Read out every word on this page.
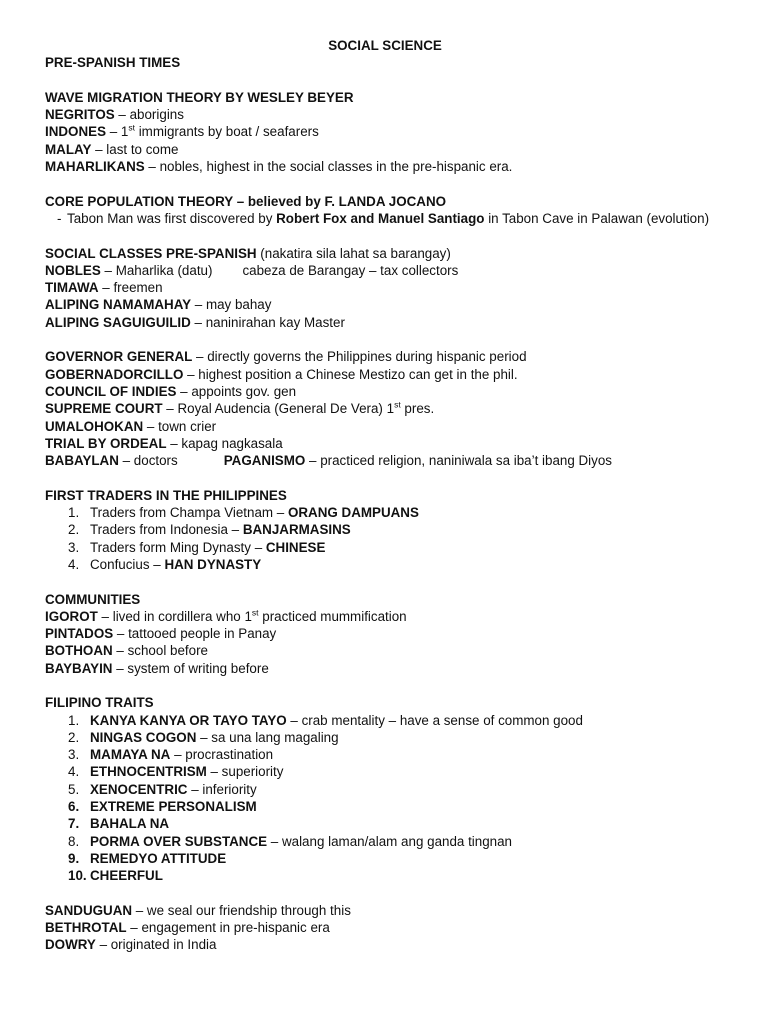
SOCIAL SCIENCE
PRE-SPANISH TIMES
WAVE MIGRATION THEORY BY WESLEY BEYER
NEGRITOS – aborigins
INDONES – 1st immigrants by boat / seafarers
MALAY – last to come
MAHARLIKANS – nobles, highest in the social classes in the pre-hispanic era.
CORE POPULATION THEORY – believed by F. LANDA JOCANO
- Tabon Man was first discovered by Robert Fox and Manuel Santiago in Tabon Cave in Palawan (evolution)
SOCIAL CLASSES PRE-SPANISH (nakatira sila lahat sa barangay)
NOBLES – Maharlika (datu) cabeza de Barangay – tax collectors
TIMAWA – freemen
ALIPING NAMAMAHAY – may bahay
ALIPING SAGUIGUILID – naninirahan kay Master
GOVERNOR GENERAL – directly governs the Philippines during hispanic period
GOBERNADORCILLO – highest position a Chinese Mestizo can get in the phil.
COUNCIL OF INDIES – appoints gov. gen
SUPREME COURT – Royal Audencia (General De Vera) 1st pres.
UMALOHOKAN – town crier
TRIAL BY ORDEAL – kapag nagkasala
BABAYLAN – doctors	PAGANISMO – practiced religion, naniniwala sa iba’t ibang Diyos
FIRST TRADERS IN THE PHILIPPINES
1. Traders from Champa Vietnam – ORANG DAMPUANS
2. Traders from Indonesia – BANJARMASINS
3. Traders form Ming Dynasty – CHINESE
4. Confucius – HAN DYNASTY
COMMUNITIES
IGOROT – lived in cordillera who 1st practiced mummification
PINTADOS – tattooed people in Panay
BOTHOAN – school before
BAYBAYIN – system of writing before
FILIPINO TRAITS
1. KANYA KANYA OR TAYO TAYO – crab mentality – have a sense of common good
2. NINGAS COGON – sa una lang magaling
3. MAMAYA NA – procrastination
4. ETHNOCENTRISM – superiority
5. XENOCENTRIC – inferiority
6. EXTREME PERSONALISM
7. BAHALA NA
8. PORMA OVER SUBSTANCE – walang laman/alam ang ganda tingnan
9. REMEDYO ATTITUDE
10. CHEERFUL
SANDUGUAN – we seal our friendship through this
BETHROTAL – engagement in pre-hispanic era
DOWRY – originated in India
